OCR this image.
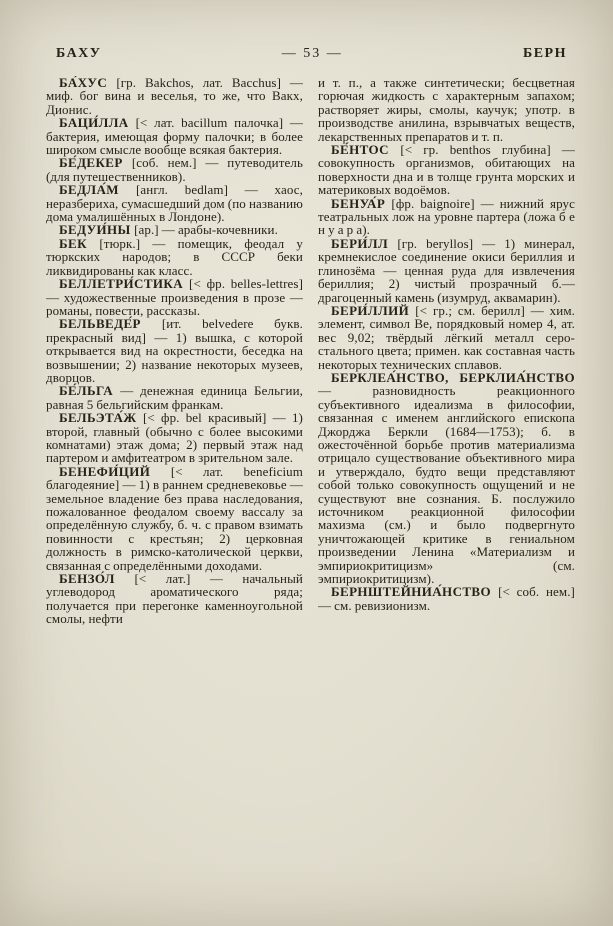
БАХУ	— 53 —	БЕРН

БА́ХУС [гр. Bakchos, лат. Bacchus] — миф. бог вина и веселья, то же, что Вакх, Дионис.

БАЦИ́ЛЛА [< лат. bacillum палочка] — бактерия, имеющая форму палочки; в более широком смысле вообще всякая бактерия.

БЕ́ДЕКЕР [соб. нем.] — путеводитель (для путешественников).

БЕДЛА́М [англ. bedlam] — хаос, неразбериха, сумасшедший дом (по названию дома умалишённых в Лондоне).

БЕДУИ́НЫ [ар.] — арабы-кочевники.

БЕК [тюрк.] — помещик, феодал у тюркских народов; в СССР беки ликвидированы как класс.

БЕЛЛЕТРИ́СТИКА [< фр. belles-lettres] — художественные произведения в прозе — романы, повести, рассказы.

БЕЛЬВЕДЕ́Р [ит. belvedere букв. прекрасный вид] — 1) вышка, с которой открывается вид на окрестности, беседка на возвышении; 2) название некоторых музеев, дворцов.

БЕ́ЛЬГА — денежная единица Бельгии, равная 5 бельгийским франкам.

БЕЛЬЭТА́Ж [< фр. bel красивый] — 1) второй, главный (обычно с более высокими комнатами) этаж дома; 2) первый этаж над партером и амфитеатром в зрительном зале.

БЕНЕФИ́ЦИЙ [< лат. beneficium благодеяние] — 1) в раннем средневековье — земельное владение без права наследования, пожалованное феодалом своему вассалу за определённую службу, б. ч. с правом взимать повинности с крестьян; 2) церковная должность в римско-католической церкви, связанная с определёнными доходами.

БЕНЗО́Л [< лат.] — начальный углеводород ароматического ряда; получается при перегонке каменноугольной смолы, нефти

и т. п., а также синтетически; бесцветная горючая жидкость с характерным запахом; растворяет жиры, смолы, каучук; употр. в производстве анилина, взрывчатых веществ, лекарственных препаратов и т. п.

БЕ́НТОС [< гр. benthos глубина] — совокупность организмов, обитающих на поверхности дна и в толще грунта морских и материковых водоёмов.

БЕНУА́Р [фр. baignoire] — нижний ярус театральных лож на уровне партера (ложа б е н у а р а).

БЕРИ́ЛЛ [гр. beryllos] — 1) минерал, кремнекислое соединение окиси бериллия и глинозёма — ценная руда для извлечения бериллия; 2) чистый прозрачный б.— драгоценный камень (изумруд, аквамарин).

БЕРИ́ЛЛИЙ [< гр.; см. берилл] — хим. элемент, символ Be, порядковый номер 4, ат. вес 9,02; твёрдый лёгкий металл серо-стального цвета; примен. как составная часть некоторых технических сплавов.

БЕРКЛЕА́НСТВО, БЕРКЛИА́НСТВО — разновидность реакционного субъективного идеализма в философии, связанная с именем английского епископа Джорджа Беркли (1684—1753); б. в ожесточённой борьбе против материализма отрицало существование объективного мира и утверждало, будто вещи представляют собой только совокупность ощущений и не существуют вне сознания. Б. послужило источником реакционной философии махизма (см.) и было подвергнуто уничтожающей критике в гениальном произведении Ленина «Материализм и эмпириокритицизм» (см. эмпириокритицизм).

БЕРНШТЕЙНИА́НСТВО [< соб. нем.] — см. ревизионизм.
